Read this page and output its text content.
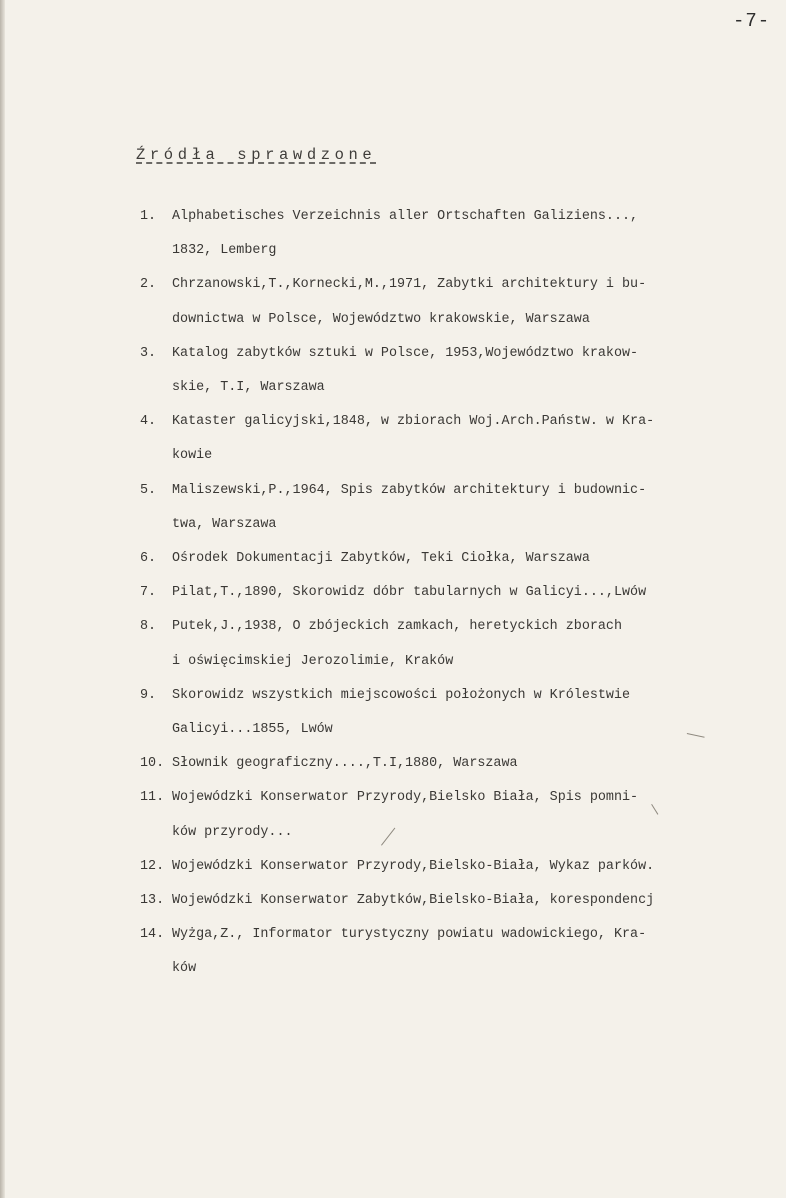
-7-
Źródła sprawdzone
1.	Alphabetisches Verzeichnis aller Ortschaften Galiziens...,
1832, Lemberg
2.	Chrzanowski,T.,Kornecki,M.,1971, Zabytki architektury i bu-
downictwa w Polsce, Województwo krakowskie, Warszawa
3.	Katalog zabytków sztuki w Polsce, 1953,Województwo krakow-
skie, T.I, Warszawa
4.	Kataster galicyjski,1848, w zbiorach Woj.Arch.Państw. w Kra-
kowie
5.	Maliszewski,P.,1964, Spis zabytków architektury i budownic-
twa, Warszawa
6.	Ośrodek Dokumentacji Zabytków, Teki Ciołka, Warszawa
7.	Pilat,T.,1890, Skorowidz dóbr tabularnych w Galicyi...,Lwów
8.	Putek,J.,1938, O zbójeckich zamkach, heretyckich zborach
i oświęcimskiej Jerozolimie, Kraków
9.	Skorowidz wszystkich miejscowości położonych w Królestwie
Galicyi...1855, Lwów
10. Słownik geograficzny....,T.I,1880, Warszawa
11. Wojewódzki Konserwator Przyrody,Bielsko Biała, Spis pomni-
ków przyrody...
12. Wojewódzki Konserwator Przyrody,Bielsko-Biała, Wykaz parków.
13. Wojewódzki Konserwator Zabytków,Bielsko-Biała, korespondencj
14. Wyżga,Z., Informator turystyczny powiatu wadowickiego, Kra-
ków
